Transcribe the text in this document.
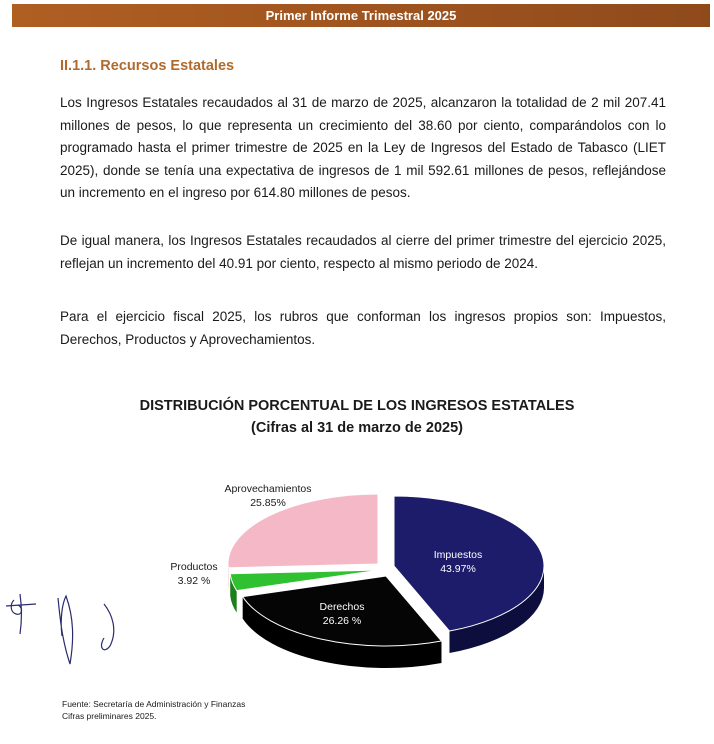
Primer Informe Trimestral 2025
II.1.1. Recursos Estatales

Los Ingresos Estatales recaudados al 31 de marzo de 2025, alcanzaron la totalidad de 2 mil 207.41 millones de pesos, lo que representa un crecimiento del 38.60 por ciento, comparándolos con lo programado hasta el primer trimestre de 2025 en la Ley de Ingresos del Estado de Tabasco (LIET 2025), donde se tenía una expectativa de ingresos de 1 mil 592.61 millones de pesos, reflejándose un incremento en el ingreso por 614.80 millones de pesos.

De igual manera, los Ingresos Estatales recaudados al cierre del primer trimestre del ejercicio 2025, reflejan un incremento del 40.91 por ciento, respecto al mismo periodo de 2024.

Para el ejercicio fiscal 2025, los rubros que conforman los ingresos propios son: Impuestos, Derechos, Productos y Aprovechamientos.

DISTRIBUCIÓN PORCENTUAL DE LOS INGRESOS ESTATALES
(Cifras al 31 de marzo de 2025)
Impuestos
43.97%
Derechos
26.26 %
Productos
3.92 %
Aprovechamientos
25.85%
Fuente: Secretaría de Administración y Finanzas
Cifras preliminares 2025.
